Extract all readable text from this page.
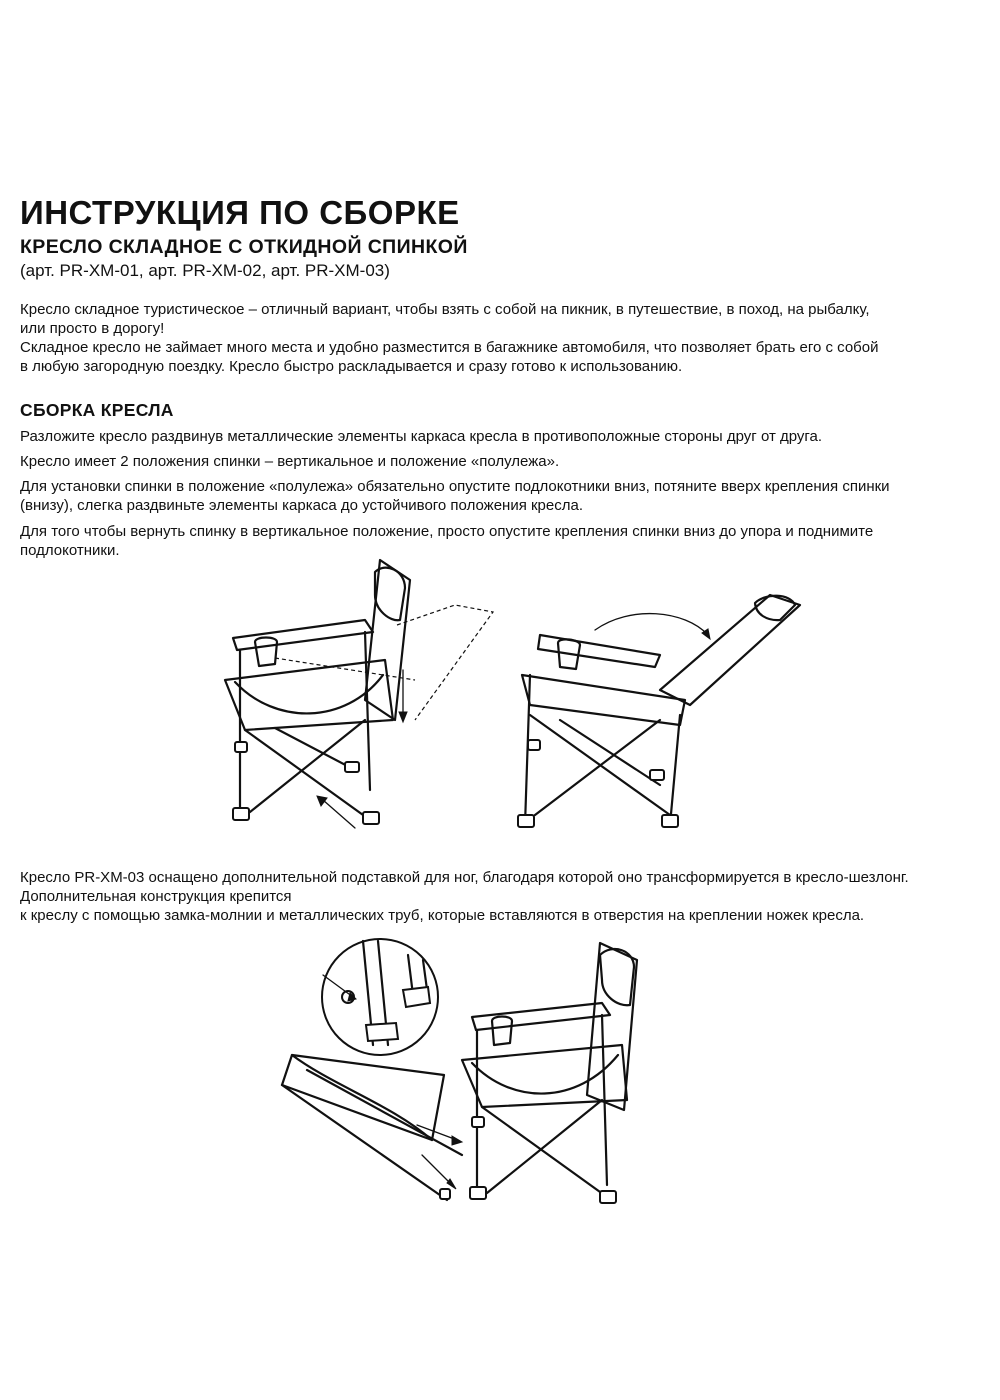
ИНСТРУКЦИЯ ПО СБОРКЕ
КРЕСЛО СКЛАДНОЕ С ОТКИДНОЙ СПИНКОЙ

(арт. PR-XM-01, арт. PR-XM-02, арт. PR-XM-03)

Кресло складное туристическое – отличный вариант, чтобы взять с собой на пикник, в путешествие, в поход, на рыбалку,
или просто в дорогу!
Складное кресло не займает много места и удобно разместится в багажнике автомобиля, что позволяет брать его с собой
в любую загородную поездку. Кресло быстро раскладывается и сразу готово к использованию.
СБОРКА КРЕСЛА

Разложите кресло раздвинув металлические элементы каркаса кресла в противоположные стороны друг от друга.

Кресло имеет 2 положения спинки – вертикальное и положение «полулежа».

Для установки спинки в положение «полулежа» обязательно опустите подлокотники вниз, потяните вверх крепления спинки
(внизу), слегка раздвиньте элементы каркаса до устойчивого положения кресла.
Для того чтобы вернуть спинку в вертикальное положение, просто опустите крепления спинки вниз до упора и поднимите
подлокотники.
Кресло PR-XM-03 оснащено дополнительной подставкой для ног, благодаря которой оно трансформируется в кресло-шезлонг.
Дополнительная конструкция крепится
к креслу с помощью замка-молнии и металлических труб, которые вставляются в отверстия на креплении ножек кресла.
